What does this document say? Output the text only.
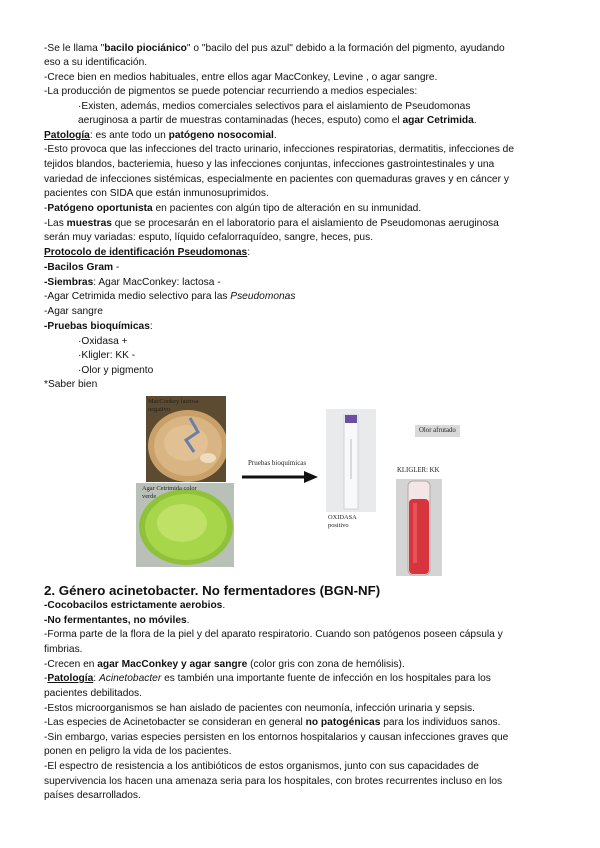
-Se le llama "bacilo piociánico" o "bacilo del pus azul" debido a la formación del pigmento, ayudando
eso a su identificación.
-Crece bien en medios habituales, entre ellos agar MacConkey, Levine , o agar sangre.
-La producción de pigmentos se puede potenciar recurriendo a medios especiales:
·Existen, además, medios comerciales selectivos para el aislamiento de Pseudomonas
aeruginosa a partir de muestras contaminadas (heces, esputo) como el agar Cetrimida.
Patología: es ante todo un patógeno nosocomial.
-Esto provoca que las infecciones del tracto urinario, infecciones respiratorias, dermatitis, infecciones de
tejidos blandos, bacteriemia, hueso y las infecciones conjuntas, infecciones gastrointestinales y una
variedad de infecciones sistémicas, especialmente en pacientes con quemaduras graves y en cáncer y
pacientes con SIDA que están inmunosuprimidos.
-Patógeno oportunista en pacientes con algún tipo de alteración en su inmunidad.
-Las muestras que se procesarán en el laboratorio para el aislamiento de Pseudomonas aeruginosa
serán muy variadas: esputo, líquido cefalorraquídeo, sangre, heces, pus.
Protocolo de identificación Pseudomonas:
-Bacilos Gram -
-Siembras: Agar MacConkey: lactosa -
-Agar Cetrimida medio selectivo para las Pseudomonas
-Agar sangre
-Pruebas bioquímicas:
·Oxidasa +
·Kligler: KK -
·Olor y pigmento
*Saber bien
MacConkey lactosa
negativo
Agar Cetrimida color
verde
Pruebas bioquímicas
OXIDASA
positivo
Olor afrutado
KLIGLER: KK
2. Género acinetobacter. No fermentadores (BGN-NF)
-Cocobacilos estrictamente aerobios.
-No fermentantes, no móviles.
-Forma parte de la flora de la piel y del aparato respiratorio. Cuando son patógenos poseen cápsula y
fimbrias.
-Crecen en agar MacConkey y agar sangre (color gris con zona de hemólisis).
-Patología: Acinetobacter es también una importante fuente de infección en los hospitales para los
pacientes debilitados.
-Estos microorganismos se han aislado de pacientes con neumonía, infección urinaria y sepsis.
-Las especies de Acinetobacter se consideran en general no patogénicas para los individuos sanos.
-Sin embargo, varias especies persisten en los entornos hospitalarios y causan infecciones graves que
ponen en peligro la vida de los pacientes.
-El espectro de resistencia a los antibióticos de estos organismos, junto con sus capacidades de
supervivencia los hacen una amenaza seria para los hospitales, con brotes recurrentes incluso en los
países desarrollados.
